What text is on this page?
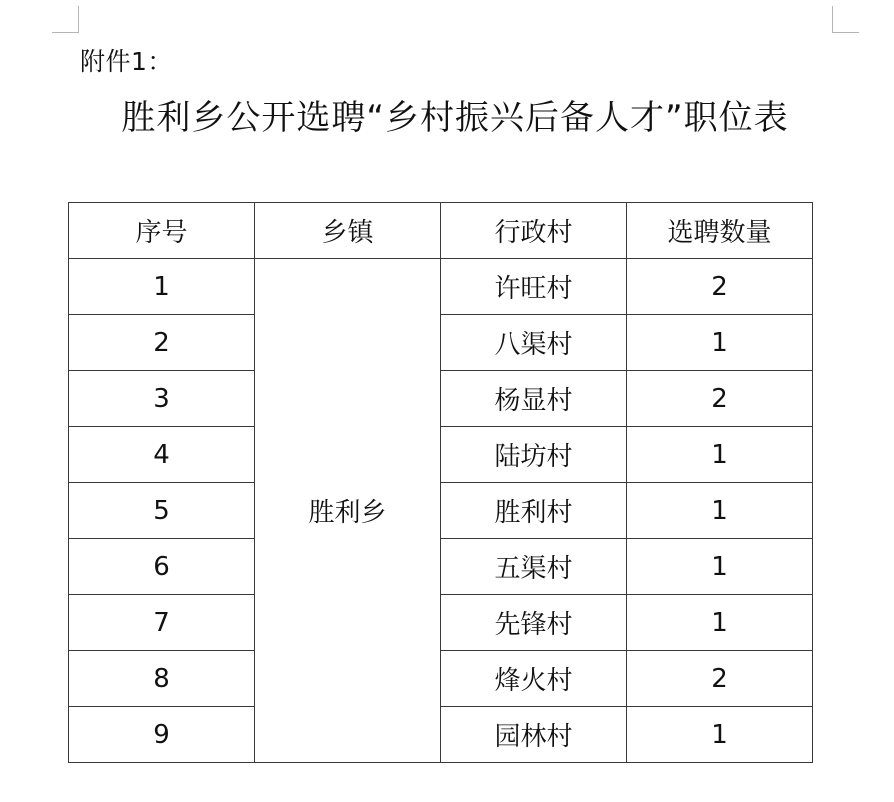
附件1：
胜利乡公开选聘“乡村振兴后备人才”职位表
序号	乡镇	行政村	选聘数量
1	胜利乡	许旺村	2
2		八渠村	1
3		杨显村	2
4		陆坊村	1
5		胜利村	1
6		五渠村	1
7		先锋村	1
8		烽火村	2
9		园林村	1
